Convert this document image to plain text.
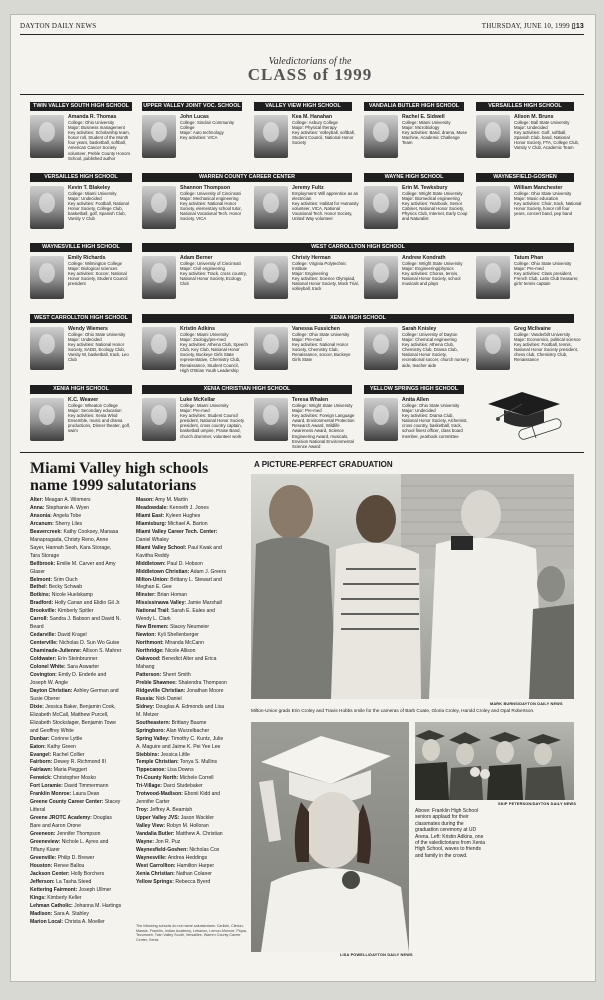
DAYTON DAILY NEWS	THURSDAY, JUNE 10, 1999 ▯13
Valedictorians of the
CLASS of 1999
TWIN VALLEY SOUTH HIGH SCHOOL	UPPER VALLEY JOINT VOC. SCHOOL	VALLEY VIEW HIGH SCHOOL	VANDALIA BUTLER HIGH SCHOOL	VERSAILLES HIGH SCHOOL
VERSAILLES HIGH SCHOOL	WARREN COUNTY CAREER CENTER	WAYNE HIGH SCHOOL	WAYNESFIELD-GOSHEN
WAYNESVILLE HIGH SCHOOL	WEST CARROLLTON HIGH SCHOOL
WEST CARROLLTON HIGH SCHOOL	XENIA HIGH SCHOOL
XENIA HIGH SCHOOL	XENIA CHRISTIAN HIGH SCHOOL	YELLOW SPRINGS HIGH SCHOOL

Amanda R. Thomas

College: Ohio University

Major: Business management

Key activities: Scholarship team, honor roll, Student of the Month four years, basketball, softball, American Cancer Society volunteer, Preble County Honors School, published author

John Lucas

College: Sinclair Community College

Major: Auto technology

Key activities: VICA

Kea M. Hanahan

College: Asbury College

Major: Physical therapy

Key activities: Volleyball, softball, Student Council, National Honor Society

Rachel E. Sidwell

College: Miami University

Major: Microbiology

Key activities: Band, drama, Muse Machine, Academic Challenge Team

Alison M. Bruns

College: Ball State University

Major: Undecided

Key activities: Golf, softball, Spanish Club, band, National Honor Society, FTA, College Club, Varsity V Club, Academic Team

Kevin T. Blakeley

College: Miami University

Major: Undecided

Key activities: Football, National Honor Society, College Club, basketball, golf, Spanish Club, Varsity V Club

Shannon Thompson

College: University of Cincinnati

Major: Mechanical engineering

Key activities: National Honor Society, elementary school tutor, National Vocational Tech. Honor Society, VICA

Jeremy Fultz

Employment: Will apprentice as an electrician

Key activities: Habitat for Humanity volunteer, VICA, National Vocational Tech. Honor Society, United Way volunteer

Erin M. Tewksbury

College: Wright State University

Major: Biomedical engineering

Key activities: Yearbook, Senior Cabinet, National Honor Society, Physics Club, Internet, Early Coop and Naturalist

William Manchester

College: Ohio State University

Major: Music education

Key activities: Choir, track, National Honor Society, honor roll four years, concert band, pep band

Emily Richards

College: Wilmington College

Major: Biological sciences

Key activities: Soccer, National Honor Society, Student Council president

Adam Berner

College: University of Cincinnati

Major: Civil engineering

Key activities: Track, cross country, National Honor Society, Ecology Club

Christy Herman

College: Virginia Polytechnic Institute

Major: Engineering

Key activities: Science Olympiad, National Honor Society, Mock Trial, volleyball, track

Andrew Kondrath

College: Wright State University

Major: Engineering/physics

Key activities: Chorus, tennis, National Honor Society, school musicals and plays

Tatum Phan

College: Ohio State University

Major: Pre-med

Key activities: Class president, French Club, Latin Club treasurer, girls' tennis captain

Wendy Wiemers

College: Ohio State University

Major: Undecided

Key activities: National Honor Society, SADD, Ecology Club, Varsity W, basketball, track, Leo Club

Kristin Adkins

College: Miami University

Major: Zoology/pre-med

Key activities: Athena Club, Speech Club, Key Club, National Honor Society, Buckeye Girls State representative, Chemistry Club, Renaissance, Student Council, High O'Brian Youth Leadership

Vanessa Fussichen

College: Ohio State University

Major: Pre-med

Key activities: National Honor Society, Chemistry Club, Renaissance, soccer, Buckeye Girls State

Sarah Knisley

College: University of Dayton

Major: Chemical engineering

Key activities: Athena Club, Chemistry Club, Drama Club, National Honor Society, recreational soccer, church nursery aide, teacher aide

Greg McIlvaine

College: Vanderbilt University

Major: Economics, political science

Key activities: Football, tennis, National Honor Society president, chess club, Chemistry Club, Renaissance

K.C. Weaver

College: Wheaton College

Major: Secondary education

Key activities: Xenia Wind Ensemble, music and drama productions, Dinner theater, golf, swim

Luke McKellar

College: Miami University

Major: Pre-med

Key activities: Student Council president, National Honor Society president, cross country captain, basketball umpire, Praise Band, church drummer, volunteer work

Teresa Whalen

College: Wright State University

Major: Pre-med

Key activities: Foreign Language Award, Environmental Protection Research Award, Wildlife Awareness Award, Science Engineering Award, musicals, Envision National Environmental Science Award

Anita Allen

College: Ohio State University

Major: Undecided

Key activities: Drama Club, National Honor Society, Alchemist, cross country, basketball, track, school finest officer, class board member, yearbook committee

Miami Valley high schools name 1999 salutatorians
Alter: Meagan A. Winmers
Anna: Stephanie A. Wyen
Ansonia: Angela Tobe
Arcanum: Sherry Liles
Beavercreek: Kathy Cooksey, Manasa
Manapragada, Christy Reno, Anne
Sayer, Hannah Seoh, Kara Storage,
Tara Storage
Bellbrook: Emilie M. Carver and Amy
Glaser
Belmont: Srim Ouch
Bethel: Becky Schwab
Botkins: Nicole Huelskamp
Bradford: Holly Canan and Elidio Gil Jr.
Brookville: Kimberly Spitler
Carroll: Sandra J. Babson and David N.
Beard
Cedarville: David Kragel
Centerville: Nicholas D. Sun Wo Guise
Chaminade-Julienne: Allison S. Mahrer
Coldwater: Erin Steinbrunner
Colonel White: Sara Aswarter
Covington: Emily D. Enderle and
Joseph W. Angle
Dayton Christian: Ashley German and
Susie Oberer
Dixie: Jessica Baker, Benjamin Cook,
Elizabeth McCall, Matthew Purcell,
Elizabeth Stockslager, Benjamin Towe
and Geoffrey White
Dunbar: Corinne Lyttle
Eaton: Kathy Green
Evangel: Rachel Collier
Fairborn: Dewey R. Richmond III
Fairlawn: Maria Pieggert
Fenwick: Christopher Mosko
Fort Loramie: David Timmermann
Franklin Monroe: Laura Dean
Greene County Career Center: Stacey
Litteral
Greene JROTC Academy: Douglas
Bare and Aaron Orone
Greeneon: Jennifer Thompson
Greeneview: Nichole L. Ayres and
Tiffany Kiarer
Greenville: Philip D. Brewer
Houston: Renee Ballou
Jackson Center: Holly Borchers
Jefferson: La Tasha Steed
Kettering Fairmont: Joseph Ullmer
Kings: Kimberly Keller
Lehman Catholic: Johanna M. Hartings
Madison: Sara A. Stahley
Marion Local: Christa A. Moeller
Mason: Amy M. Martin
Meadowdale: Kenneth J. Jones
Miami East: Kyleen Hughes
Miamisburg: Michael A. Barton
Miami Valley Career Tech. Center:
Daniel Whaley
Miami Valley School: Paul Kwak and
Kavitha Reddy
Middletown: Paul D. Hobson
Middletown Christian: Adam J. Greers
Milton-Union: Brittany L. Stewart and
Meghan E. Gee
Minster: Brian Homan
Mississinawa Valley: Jamie Marshall
National Trail: Sarah E. Eales and
Wendy L. Clark
New Bremen: Stacey Neumeier
Newton: Kyli Shellenberger
Northmont: Miranda McCann
Northridge: Nicole Allison
Oakwood: Benedict Alter and Erica
Mahang
Patterson: Sherri Smith
Preble Shawnee: Shalendra Thompson
Ridgeville Christian: Jonathan Moore
Russia: Nick Daniel
Sidney: Douglas A. Edmonds and Lisa
M. Metzer
Southeastern: Brittany Baume
Springboro: Alan Wurzelbacher
Spring Valley: Timothy C. Kuntz, Julie
A. Maguire and Jaime K. Pei Yee Lee
Stebbins: Jessica Little
Temple Christian: Tonya S. Mullins
Tippecanoe: Lisa Downs
Tri-County North: Michele Correll
Tri-Village: Darci Studebaker
Trotwood-Madison: Ebonii Kidd and
Jennifer Carter
Troy: Jeffrey A. Beamish
Upper Valley JVS: Jason Wackler
Valley View: Robyn M. Holloran
Vandalia Butler: Matthew A. Christian
Wayne: Jon R. Puz
Waynesfield-Goshen: Nicholas Cox
Waynesville: Andrea Heddings
West Carrollton: Hamilton Harper
Xenia Christian: Nathan Colaner
Yellow Springs: Rebecca Byerd
The following schools do not name salutatorians: Carlisle, Clinton-Massie, Franklin, Indian Academy, Lebanon, Lemon-Monroe, Piqua, Tecumseh, Twin Valley South, Versailles, Warren County Career Center, Xenia
A PICTURE-PERFECT GRADUATION
MARK BURNS/DAYTON DAILY NEWS
Milton-Union grads Erin Croley and Travis Hobbs smile for the cameras of Barb Coate, Gloria Croley, Harold Croley and Opal Robertson.
LISA POWELL/DAYTON DAILY NEWS
SKIP PETERSON/DAYTON DAILY NEWS
Above: Franklin High School seniors applaud for their classmates during the graduation ceremony at UD Arena. Left: Kristin Adkins, one of the valedictorians from Xenia High School, waves to friends and family in the crowd.
